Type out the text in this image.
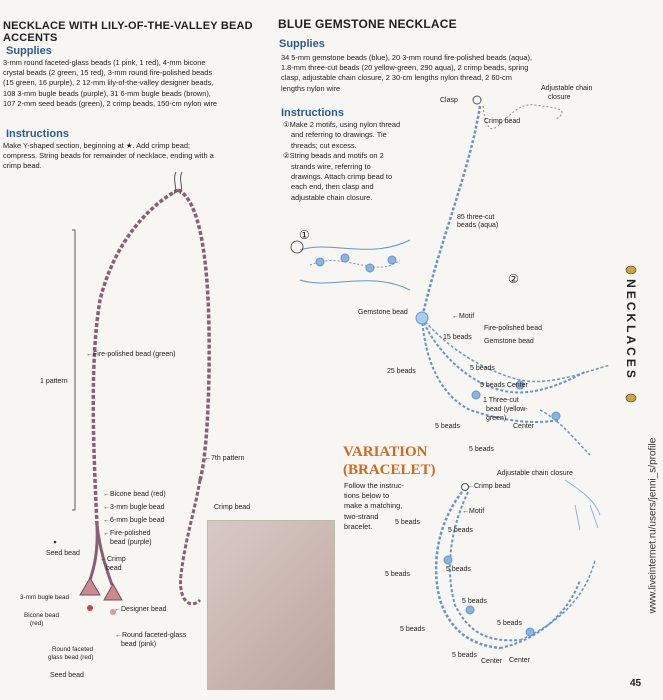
NECKLACE WITH LILY-OF-THE-VALLEY BEAD ACCENTS
Supplies
3-mm round faceted-glass beads (1 pink, 1 red), 4-mm bicone
crystal beads (2 green, 15 red), 3-mm round fire-polished beads
(15 green, 16 purple), 2 12-mm lily-of-the-valley designer beads,
108 3-mm bugle beads (purple), 31 6-mm bugle beads (brown),
107 2-mm seed beads (green), 2 crimp beads, 150-cm nylon wire
Instructions
Make Y-shaped section, beginning at ★. Add crimp bead;
compress. String beads for remainder of necklace, ending with a
crimp bead.
←Fire-polished bead (green)
1 pattern
←7th pattern
Crimp bead
←Bicone bead (red)
←3-mm bugle bead
←6-mm bugle bead
←Fire-polished
bead (purple)
Seed bead
←Crimp
bead
3-mm bugle bead
Bicone bead
(red)
←Designer bead
←Round faceted-glass
bead (pink)
Round faceted
glass bead (red)
Seed bead
BLUE GEMSTONE NECKLACE
Supplies
34 5-mm gemstone beads (blue), 20 3-mm round fire-polished beads (aqua),
1.8-mm three-cut beads (20 yellow-green, 290 aqua), 2 crimp beads, spring
clasp, adjustable chain closure, 2 30-cm lengths nylon thread, 2 60-cm
lengths nylon wire
Instructions
①Make 2 motifs, using nylon thread
and referring to drawings. Tie
threads; cut excess.
②String beads and motifs on 2
strands wire, referring to
drawings. Attach crimp bead to
each end, then clasp and
adjustable chain closure.
①
②
Clasp
Adjustable chain
closure
Crimp bead
85 three-cut
beads (aqua)
Gemstone bead
←Motif
Fire-polished bead
15 beads
Gemstone bead
25 beads	5 beads
5 beads Center
1 Three-cut
bead (yellow-
green)
Center
5 beads
5 beads
VARIATION
(BRACELET)
Follow the instruc-
tions below to
make a matching,
two-strand
bracelet.
←Crimp bead
Adjustable chain closure
←Motif
5 beads
5 beads
5 beads
5 beads
5 beads
5 beads
5 beads
5 beads
Center Center
NECKLACES
45
www.liveinternet.ru/users/jenni_s/profile
